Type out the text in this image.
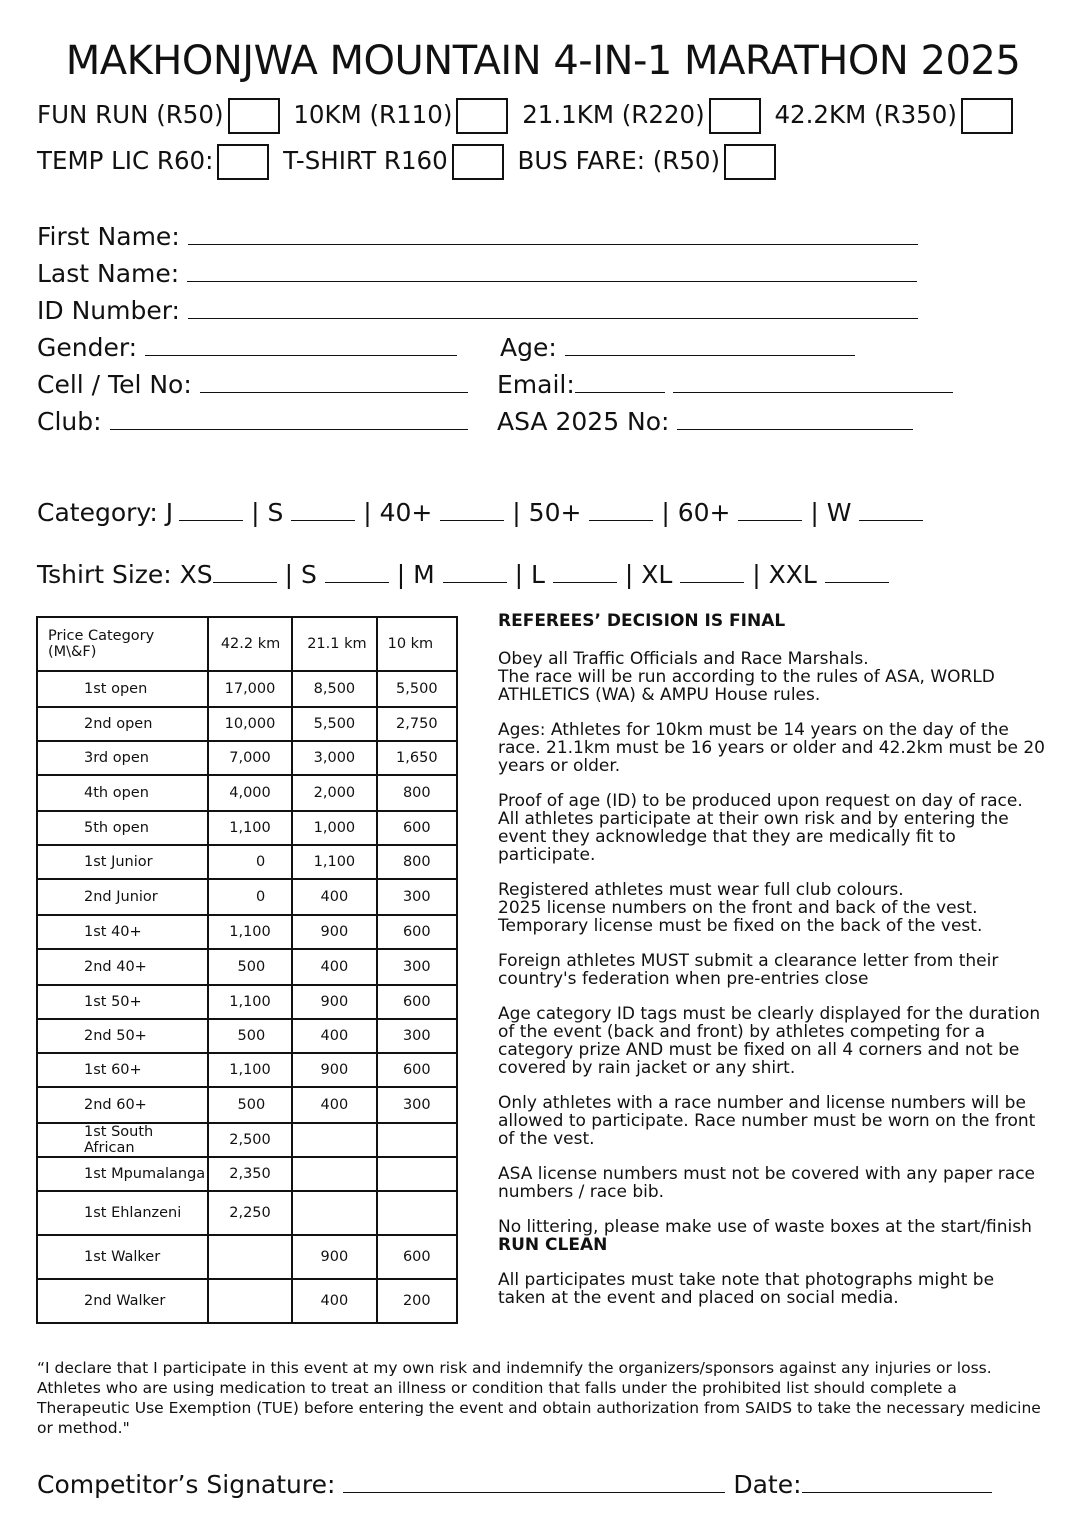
MAKHONJWA MOUNTAIN 4-IN-1 MARATHON 2025
FUN RUN (R50)	10KM (R110)	21.1KM (R220)	42.2KM (R350)
TEMP LIC R60:	T-SHIRT R160	BUS FARE: (R50)
First Name:
Last Name:
ID Number:
Gender:	Age:
Cell / Tel No:	Email:
Club:	ASA 2025 No:
Category: J	| S	| 40+	| 50+	| 60+	| W
Tshirt Size: XS	| S	| M	| L	| XL	| XXL
Price Category (M\&F)	42.2 km	21.1 km	10 km
1st open	17,000	8,500	5,500
2nd open	10,000	5,500	2,750
3rd open	7,000	3,000	1,650
4th open	4,000	2,000	800
5th open	1,100	1,000	600
1st Junior	0	1,100	800
2nd Junior	0	400	300
1st 40+	1,100	900	600
2nd 40+	500	400	300
1st 50+	1,100	900	600
2nd 50+	500	400	300
1st 60+	1,100	900	600
2nd 60+	500	400	300
1st South African	2,500		
1st Mpumalanga	2,350		
1st Ehlanzeni	2,250		
1st Walker		900	600
2nd Walker		400	200

REFEREES’ DECISION IS FINAL

Obey all Traffic Officials and Race Marshals.
The race will be run according to the rules of ASA, WORLD ATHLETICS (WA) & AMPU House rules.

Ages: Athletes for 10km must be 14 years on the day of the race. 21.1km must be 16 years or older and 42.2km must be 20 years or older.

Proof of age (ID) to be produced upon request on day of race. All athletes participate at their own risk and by entering the event they acknowledge that they are medically fit to participate.

Registered athletes must wear full club colours.
2025 license numbers on the front and back of the vest.
Temporary license must be fixed on the back of the vest.

Foreign athletes MUST submit a clearance letter from their country's federation when pre-entries close

Age category ID tags must be clearly displayed for the duration of the event (back and front) by athletes competing for a category prize AND must be fixed on all 4 corners and not be covered by rain jacket or any shirt.

Only athletes with a race number and license numbers will be allowed to participate. Race number must be worn on the front of the vest.

ASA license numbers must not be covered with any paper race numbers / race bib.

No littering, please make use of waste boxes at the start/finish
RUN CLEAN

All participates must take note that photographs might be taken at the event and placed on social media.

“I declare that I participate in this event at my own risk and indemnify the organizers/sponsors against any injuries or loss. Athletes who are using medication to treat an illness or condition that falls under the prohibited list should complete a Therapeutic Use Exemption (TUE) before entering the event and obtain authorization from SAIDS to take the necessary medicine or method."
Competitor’s Signature:	Date:
